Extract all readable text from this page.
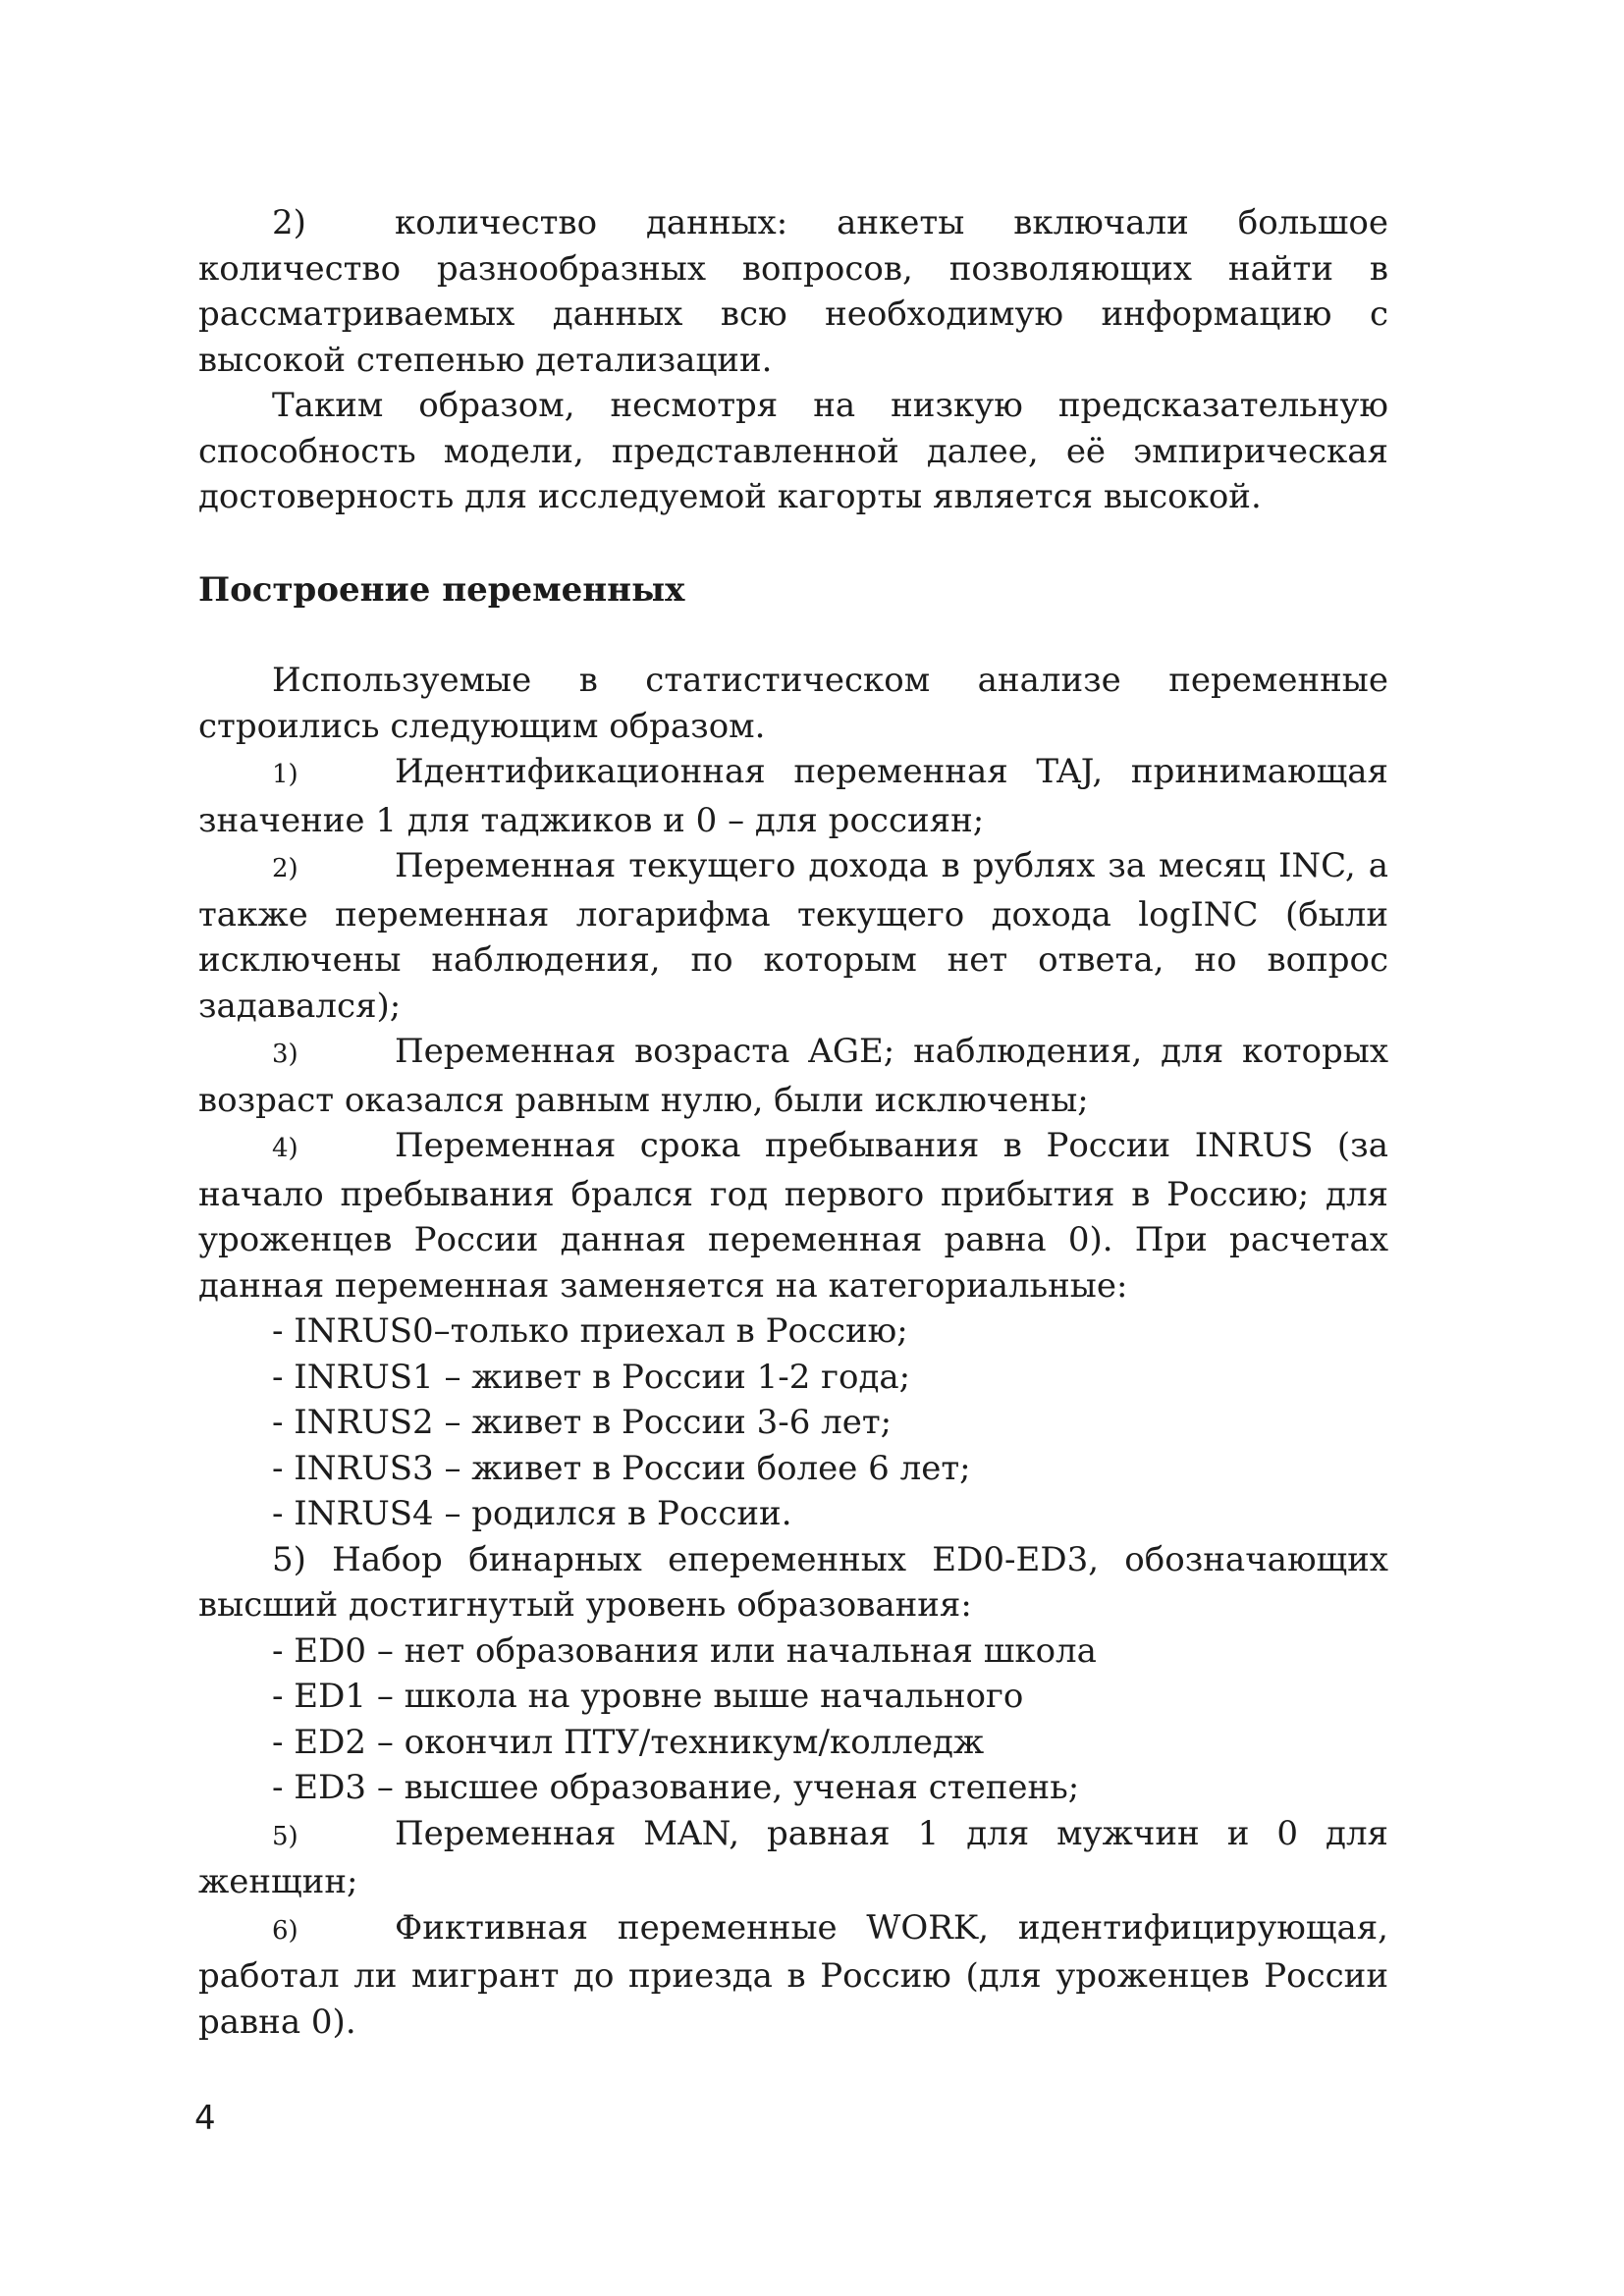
2)	количество данных: анкеты включали большое количество разнообразных вопросов, позволяющих найти в рассматриваемых данных всю необходимую информацию с высокой степенью детализации.

Таким образом, несмотря на низкую предсказательную способность модели, представленной далее, её эмпирическая достоверность для исследуемой кагорты является высокой.

Построение переменных

Используемые в статистическом анализе переменные строились следующим образом.

1)	Идентификационная переменная TAJ, принимающая значение 1 для таджиков и 0 – для россиян;

2)	Переменная текущего дохода в рублях за месяц INC, а также переменная логарифма текущего дохода logINC (были исключены наблюдения, по которым нет ответа, но вопрос задавался);

3)	Переменная возраста AGE; наблюдения, для которых возраст оказался равным нулю, были исключены;

4)	Переменная срока пребывания в России INRUS (за начало пребывания брался год первого прибытия в Россию; для уроженцев России данная переменная равна 0). При расчетах данная переменная заменяется на категориальные:

- INRUS0–только приехал в Россию;

- INRUS1 – живет в России 1-2 года;

- INRUS2 – живет в России 3-6 лет;

- INRUS3 – живет в России более 6 лет;

- INRUS4 – родился в России.

5) Набор бинарных епеременных ED0-ED3, обозначающих высший достигнутый уровень образования:

- ED0 – нет образования или начальная школа

- ED1 – школа на уровне выше начального

- ED2 – окончил ПТУ/техникум/колледж

- ED3 – высшее образование, ученая степень;

5)	Переменная MAN, равная 1 для мужчин и 0 для женщин;

6)	Фиктивная переменные WORK, идентифицирующая, работал ли мигрант до приезда в Россию (для уроженцев России равна 0).

4
